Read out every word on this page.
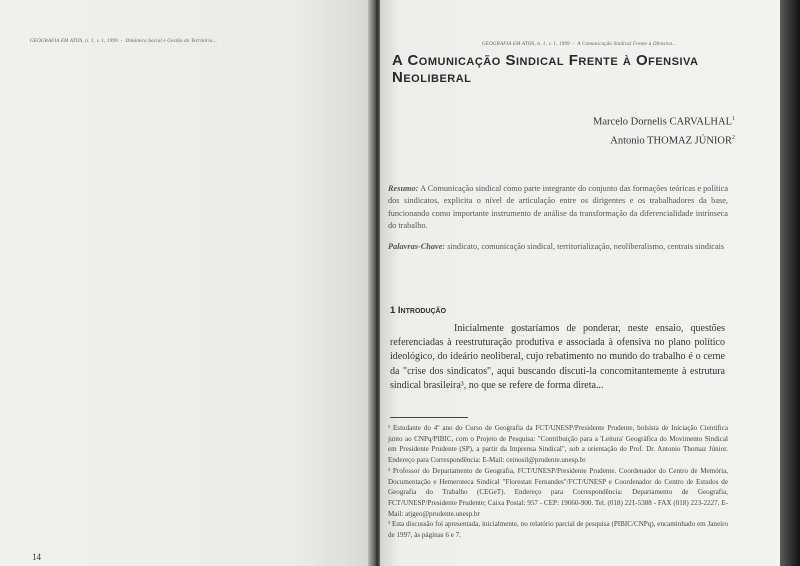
GEOGRAFIA EM ATOS, n. 1, v. 1, 1999 - Dinâmica Social e Gestão do Território...
14
GEOGRAFIA EM ATOS, n. 1, v. 1, 1999 - A Comunicação Sindical Frente à Ofensiva...
A Comunicação Sindical Frente à Ofensiva
Neoliberal
Marcelo Dornelis CARVALHAL$^1$
Antonio THOMAZ JÚNIOR$^2$
Resumo: A Comunicação sindical como parte integrante do conjunto das formações teóricas e política dos sindicatos, explicita o nível de articulação entre os dirigentes e os trabalhadores da base, funcionando como importante instrumento de análise da transformação da diferencialidade intrínseca do trabalho.
Palavras-Chave: sindicato, comunicação sindical, territorialização, neoliberalismo, centrais sindicais
1 Introdução
Inicialmente gostaríamos de ponderar, neste ensaio, questões referenciadas à reestruturação produtiva e associada à ofensiva no plano político ideológico, do ideário neoliberal, cujo rebatimento no mundo do trabalho é o cerne da "crise dos sindicatos", aqui buscando discuti-la concomitantemente à estrutura sindical brasileira³, no que se refere de forma direta...

¹ Estudante do 4º ano do Curso de Geografia da FCT/UNESP/Presidente Prudente, bolsista de Iniciação Científica junto ao CNPq/PIBIC, com o Projeto de Pesquisa: "Contribuição para a 'Leitura' Geográfica do Movimento Sindical em Presidente Prudente (SP), a partir da Imprensa Sindical", sob a orientação do Prof. Dr. Antonio Thomaz Júnior. Endereço para Correspondência: E-Mail: ceinosil@prudente.unesp.br

² Professor do Departamento de Geografia, FCT/UNESP/Presidente Prudente. Coordenador do Centro de Memória, Documentação e Hemeroteca Sindical "Florestan Fernandes"/FCT/UNESP e Coordenador do Centro de Estudos de Geografia do Trabalho (CEGeT). Endereço para Correspondência: Departamento de Geografia, FCT/UNESP/Presidente Prudente; Caixa Postal: 957 - CEP: 19060-900. Tel. (018) 221-5388 - FAX (018) 223-2227. E-Mail: atjgeo@prudente.unesp.br

³ Esta discussão foi apresentada, inicialmente, no relatório parcial de pesquisa (PIBIC/CNPq), encaminhado em Janeiro de 1997, às páginas 6 e 7.
